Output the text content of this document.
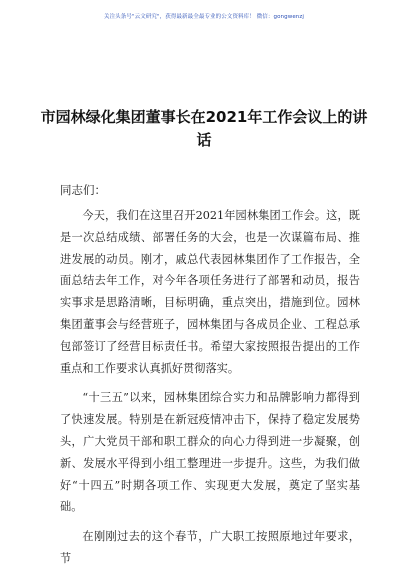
关注头条号"云文研究"，获得最新最全最专业的公文资料库！ 微信：gongwenzj
市园林绿化集团董事长在2021年工作会议上的讲话
同志们：

今天，我们在这里召开2021年园林集团工作会。这，既是一次总结成绩、部署任务的大会，也是一次谋篇布局、推进发展的动员。刚才，戚总代表园林集团作了工作报告，全面总结去年工作，对今年各项任务进行了部署和动员，报告实事求是思路清晰，目标明确，重点突出，措施到位。园林集团董事会与经营班子，园林集团与各成员企业、工程总承包部签订了经营目标责任书。希望大家按照报告提出的工作重点和工作要求认真抓好贯彻落实。

“十三五”以来，园林集团综合实力和品牌影响力都得到了快速发展。特别是在新冠疫情冲击下，保持了稳定发展势头，广大党员干部和职工群众的向心力得到进一步凝聚，创新、发展水平得到小组工整理进一步提升。这些，为我们做好“十四五”时期各项工作、实现更大发展，奠定了坚实基础。

在刚刚过去的这个春节，广大职工按照原地过年要求，节
